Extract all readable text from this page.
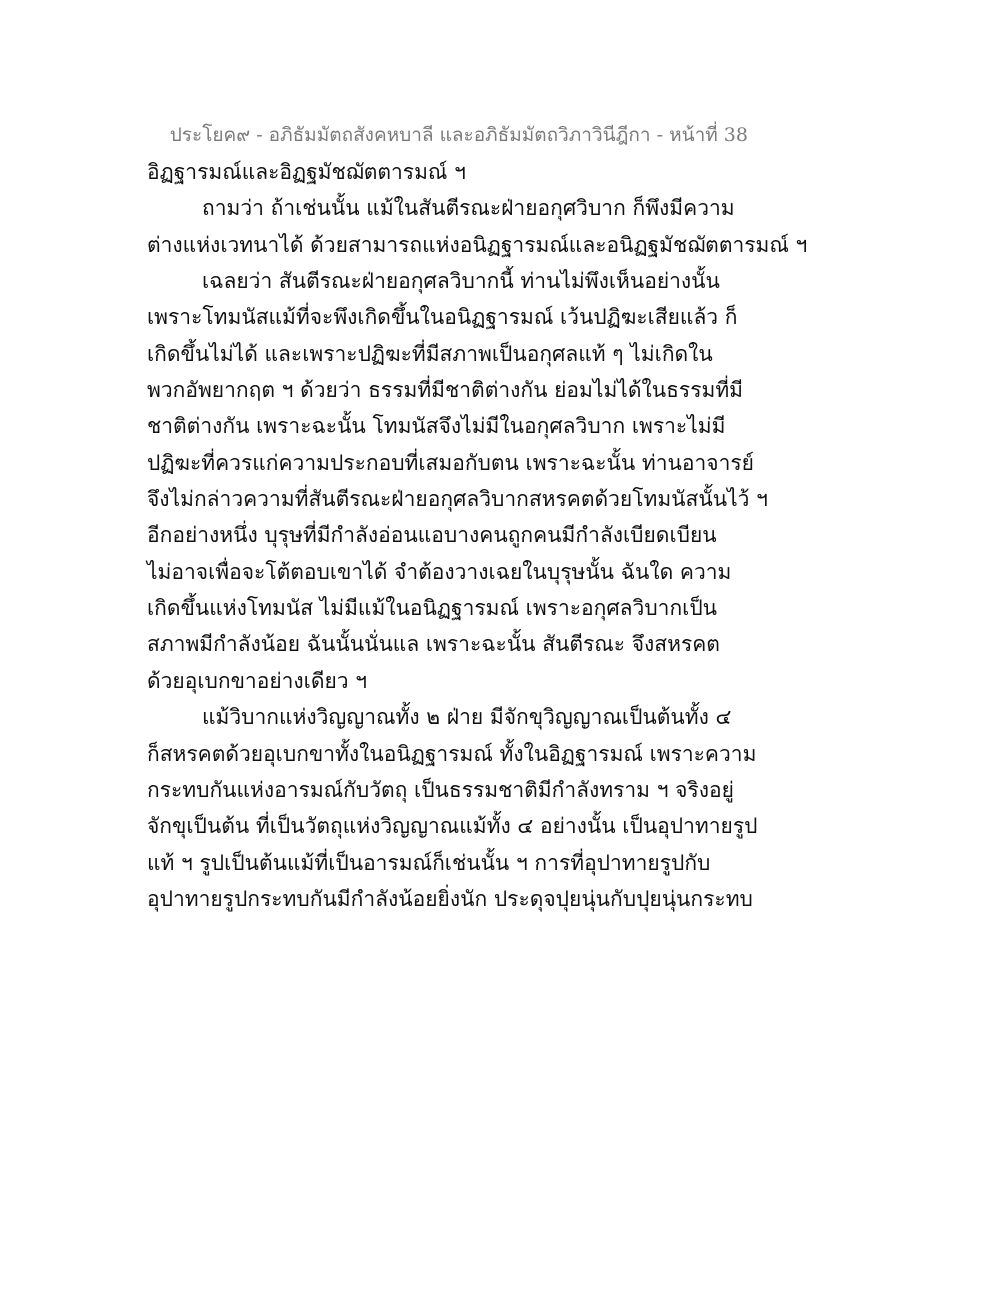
ประโยค๙ - อภิธัมมัตถสังคหบาลี และอภิธัมมัตถวิภาวินีฎีกา - หน้าที่ 38
อิฏฐารมณ์และอิฏฐมัชฌัตตารมณ์ ฯ
ถามว่า ถ้าเช่นนั้น แม้ในสันตีรณะฝ่ายอกุศวิบาก ก็พึงมีความ
ต่างแห่งเวทนาได้ ด้วยสามารถแห่งอนิฏฐารมณ์และอนิฏฐมัชฌัตตารมณ์ ฯ
เฉลยว่า สันตีรณะฝ่ายอกุศลวิบากนี้ ท่านไม่พึงเห็นอย่างนั้น
เพราะโทมนัสแม้ที่จะพึงเกิดขึ้นในอนิฏฐารมณ์ เว้นปฏิฆะเสียแล้ว ก็
เกิดขึ้นไม่ได้ และเพราะปฏิฆะที่มีสภาพเป็นอกุศลแท้ ๆ ไม่เกิดใน
พวกอัพยากฤต ฯ ด้วยว่า ธรรมที่มีชาติต่างกัน ย่อมไม่ได้ในธรรมที่มี
ชาติต่างกัน เพราะฉะนั้น โทมนัสจึงไม่มีในอกุศลวิบาก เพราะไม่มี
ปฏิฆะที่ควรแก่ความประกอบที่เสมอกับตน เพราะฉะนั้น ท่านอาจารย์
จึงไม่กล่าวความที่สันตีรณะฝ่ายอกุศลวิบากสหรคตด้วยโทมนัสนั้นไว้ ฯ
อีกอย่างหนึ่ง บุรุษที่มีกำลังอ่อนแอบางคนถูกคนมีกำลังเบียดเบียน
ไม่อาจเพื่อจะโต้ตอบเขาได้ จำต้องวางเฉยในบุรุษนั้น ฉันใด ความ
เกิดขึ้นแห่งโทมนัส ไม่มีแม้ในอนิฏฐารมณ์ เพราะอกุศลวิบากเป็น
สภาพมีกำลังน้อย ฉันนั้นนั่นแล เพราะฉะนั้น สันตีรณะ จึงสหรคต
ด้วยอุเบกขาอย่างเดียว ฯ
แม้วิบากแห่งวิญญาณทั้ง ๒ ฝ่าย มีจักขุวิญญาณเป็นต้นทั้ง ๔
ก็สหรคตด้วยอุเบกขาทั้งในอนิฏฐารมณ์ ทั้งในอิฏฐารมณ์ เพราะความ
กระทบกันแห่งอารมณ์กับวัตถุ เป็นธรรมชาติมีกำลังทราม ฯ จริงอยู่
จักขุเป็นต้น ที่เป็นวัตถุแห่งวิญญาณแม้ทั้ง ๔ อย่างนั้น เป็นอุปาทายรูป
แท้ ฯ รูปเป็นต้นแม้ที่เป็นอารมณ์ก็เช่นนั้น ฯ การที่อุปาทายรูปกับ
อุปาทายรูปกระทบกันมีกำลังน้อยยิ่งนัก ประดุจปุยนุ่นกับปุยนุ่นกระทบ
